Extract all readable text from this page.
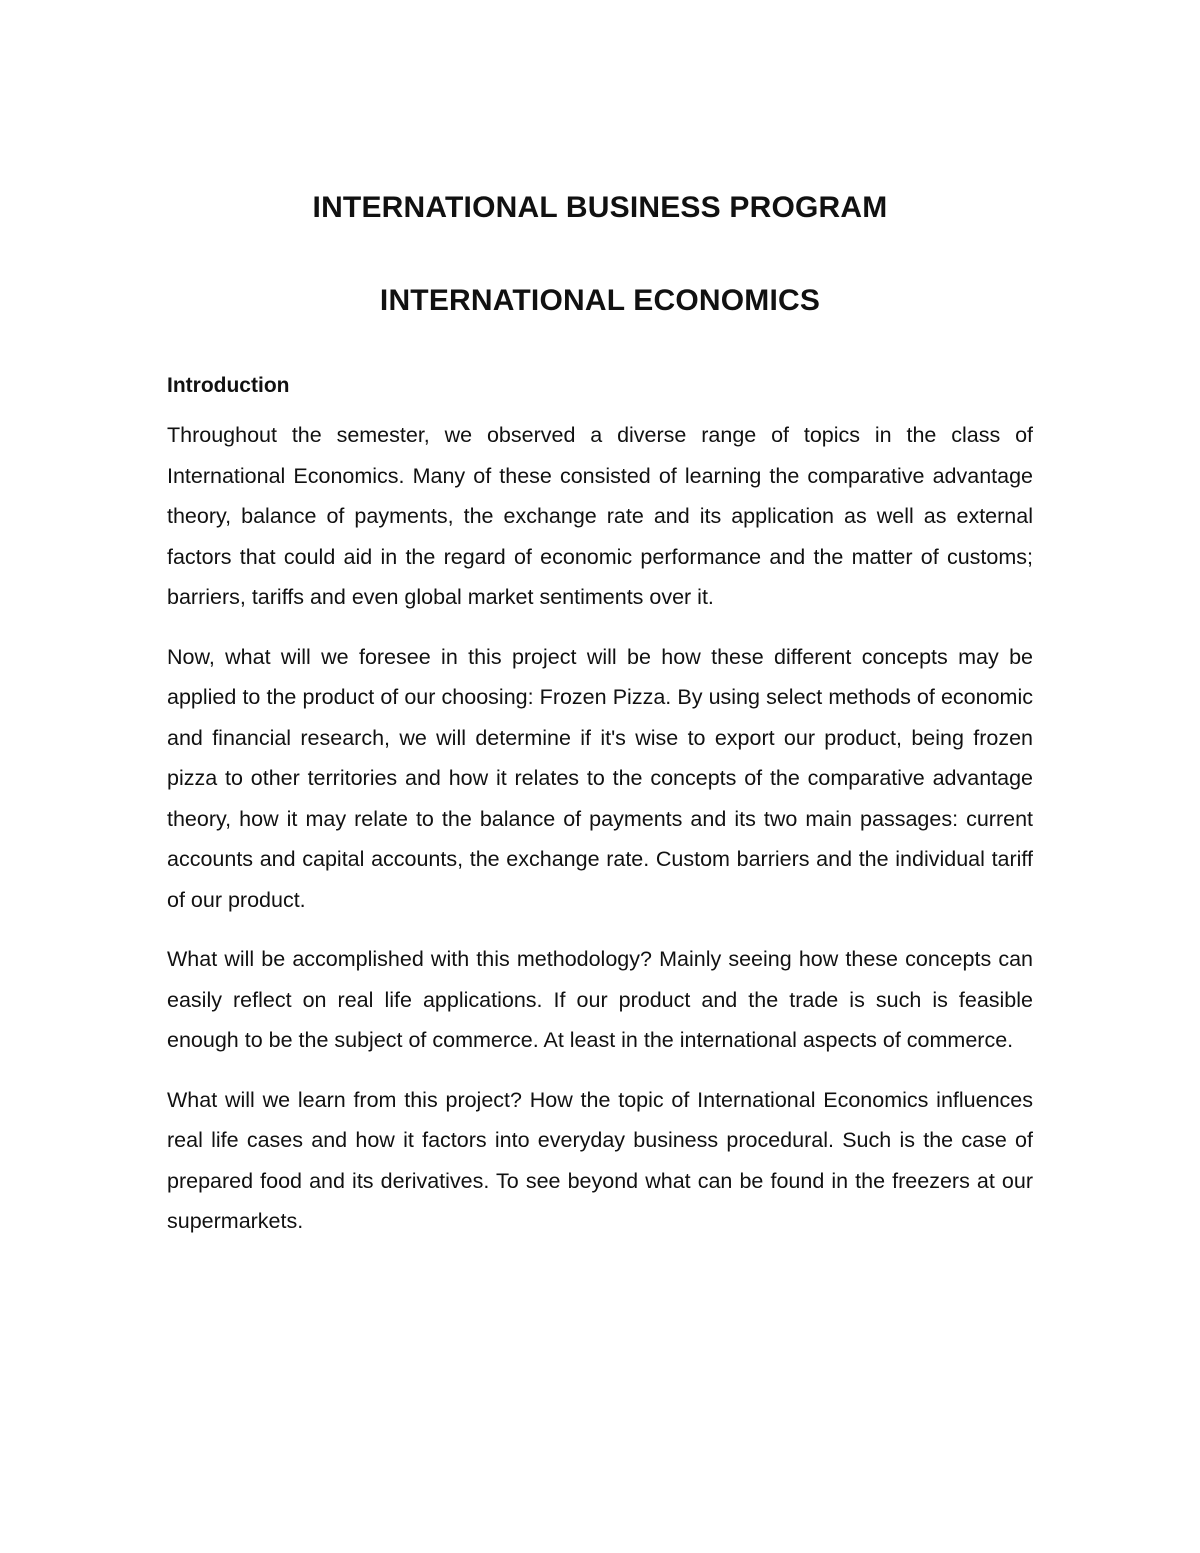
INTERNATIONAL BUSINESS PROGRAM
INTERNATIONAL ECONOMICS
Introduction

Throughout the semester, we observed a diverse range of topics in the class of International Economics. Many of these consisted of learning the comparative advantage theory, balance of payments, the exchange rate and its application as well as external factors that could aid in the regard of economic performance and the matter of customs; barriers, tariffs and even global market sentiments over it.

Now, what will we foresee in this project will be how these different concepts may be applied to the product of our choosing: Frozen Pizza. By using select methods of economic and financial research, we will determine if it's wise to export our product, being frozen pizza to other territories and how it relates to the concepts of the comparative advantage theory, how it may relate to the balance of payments and its two main passages: current accounts and capital accounts, the exchange rate. Custom barriers and the individual tariff of our product.

What will be accomplished with this methodology? Mainly seeing how these concepts can easily reflect on real life applications. If our product and the trade is such is feasible enough to be the subject of commerce. At least in the international aspects of commerce.

What will we learn from this project? How the topic of International Economics influences real life cases and how it factors into everyday business procedural. Such is the case of prepared food and its derivatives. To see beyond what can be found in the freezers at our supermarkets.
